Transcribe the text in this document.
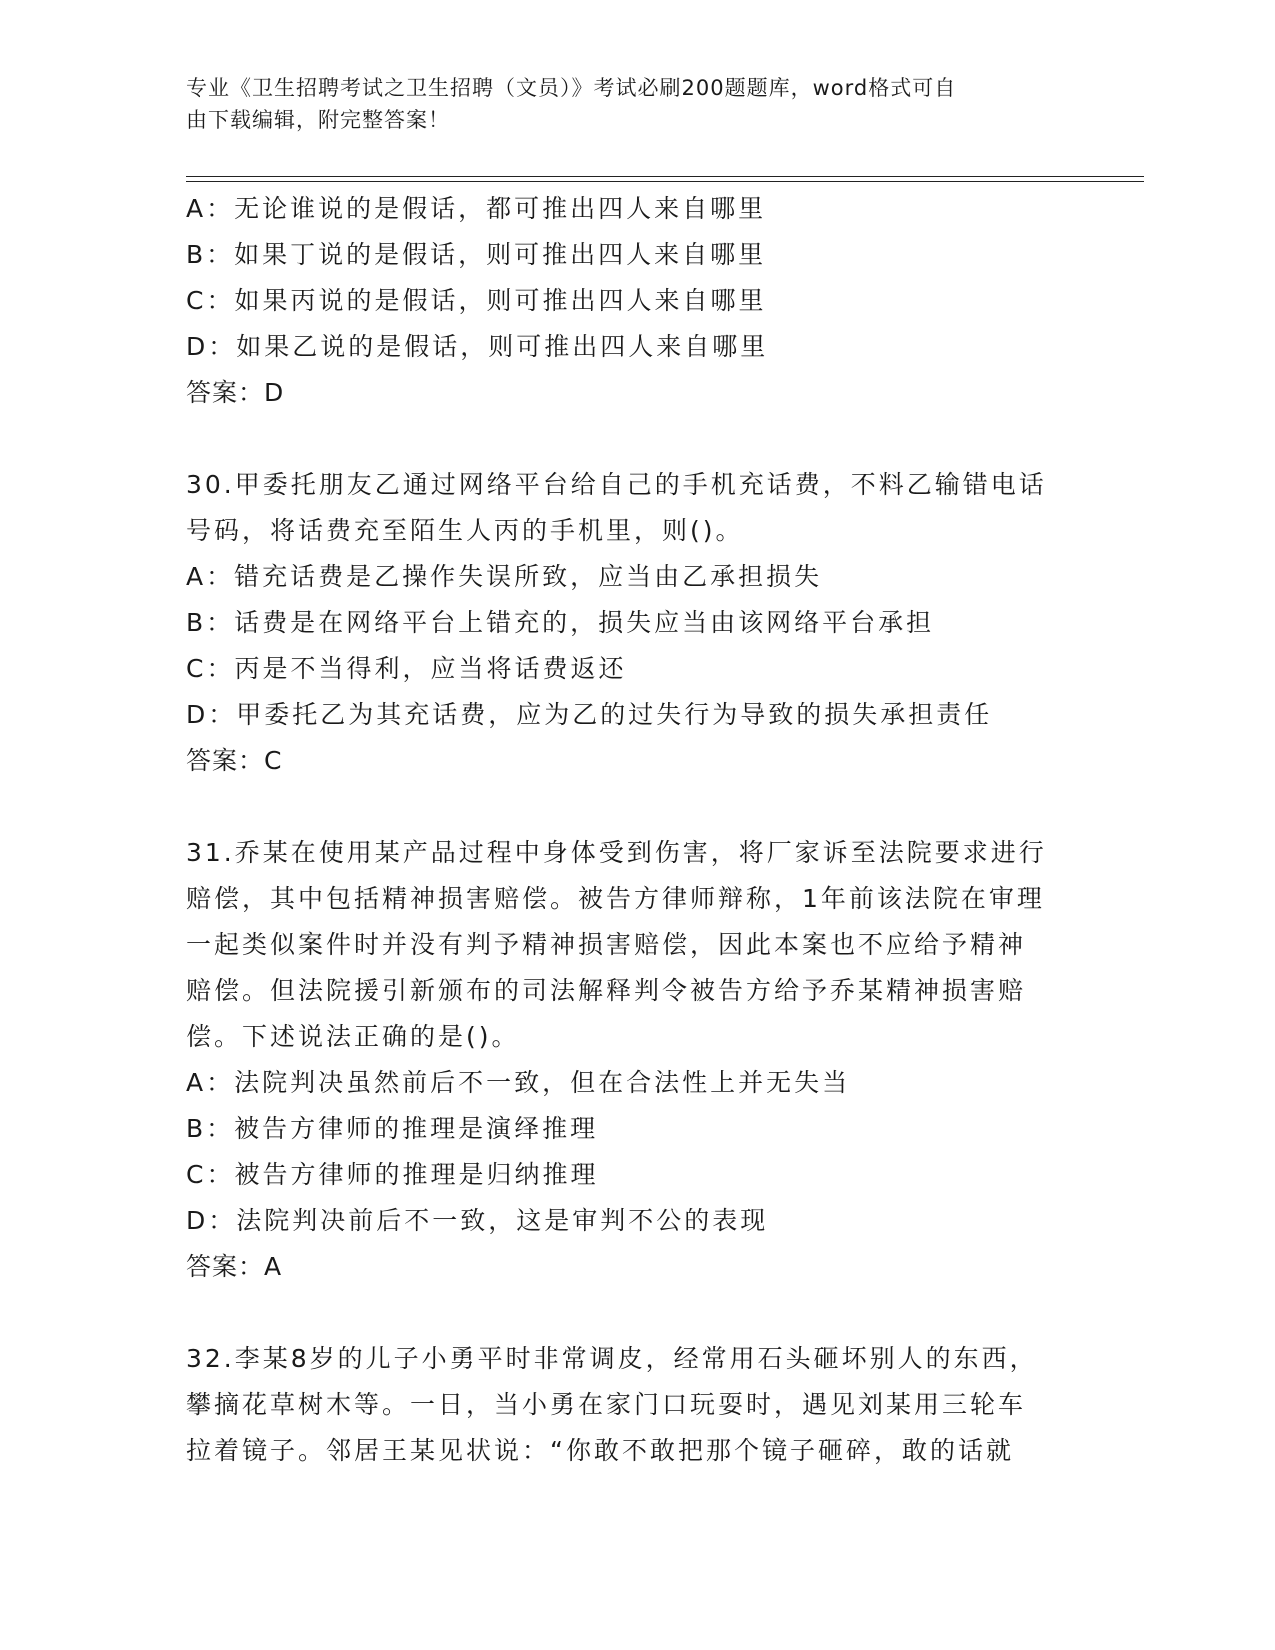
专业《卫生招聘考试之卫生招聘（文员）》考试必刷200题题库，word格式可自
由下载编辑，附完整答案！
A：无论谁说的是假话，都可推出四人来自哪里
B：如果丁说的是假话，则可推出四人来自哪里
C：如果丙说的是假话，则可推出四人来自哪里
D：如果乙说的是假话，则可推出四人来自哪里
答案：D
30.甲委托朋友乙通过网络平台给自己的手机充话费，不料乙输错电话
号码，将话费充至陌生人丙的手机里，则()。
A：错充话费是乙操作失误所致，应当由乙承担损失
B：话费是在网络平台上错充的，损失应当由该网络平台承担
C：丙是不当得利，应当将话费返还
D：甲委托乙为其充话费，应为乙的过失行为导致的损失承担责任
答案：C
31.乔某在使用某产品过程中身体受到伤害，将厂家诉至法院要求进行
赔偿，其中包括精神损害赔偿。被告方律师辩称，1年前该法院在审理
一起类似案件时并没有判予精神损害赔偿，因此本案也不应给予精神
赔偿。但法院援引新颁布的司法解释判令被告方给予乔某精神损害赔
偿。下述说法正确的是()。
A：法院判决虽然前后不一致，但在合法性上并无失当
B：被告方律师的推理是演绎推理
C：被告方律师的推理是归纳推理
D：法院判决前后不一致，这是审判不公的表现
答案：A
32.李某8岁的儿子小勇平时非常调皮，经常用石头砸坏别人的东西，
攀摘花草树木等。一日，当小勇在家门口玩耍时，遇见刘某用三轮车
拉着镜子。邻居王某见状说：“你敢不敢把那个镜子砸碎，敢的话就
